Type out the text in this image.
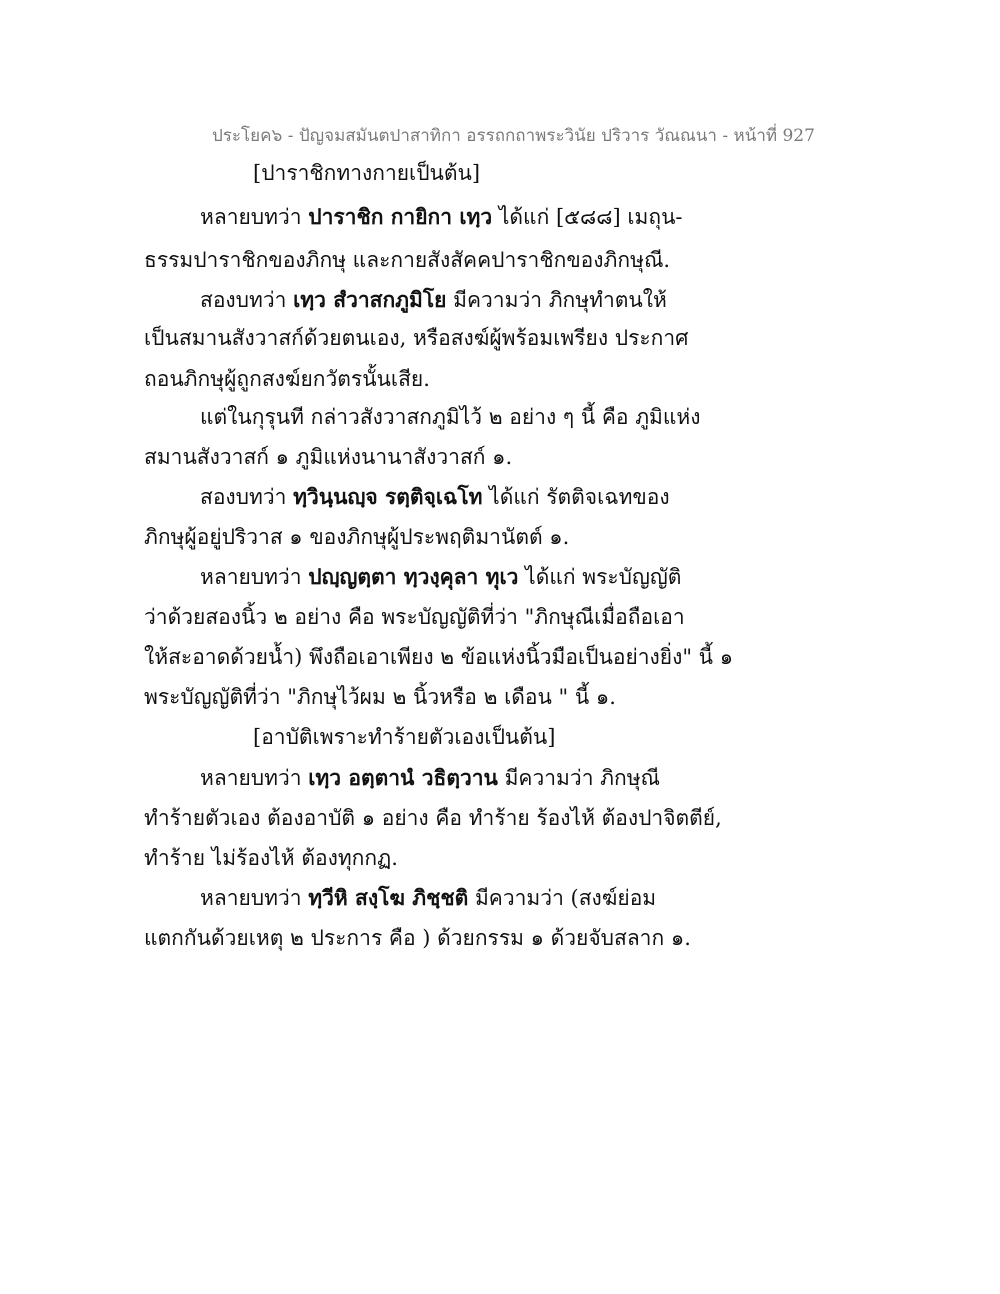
ประโยค๖ - ปัญจมสมันตปาสาทิกา อรรถกถาพระวินัย ปริวาร วัณณนา - หน้าที่ 927
[ปาราชิกทางกายเป็นต้น]
หลายบทว่า ปาราชิก กายิกา เทฺว ได้แก่ [๕๘๘] เมถุน-
ธรรมปาราชิกของภิกษุ และกายสังสัคคปาราชิกของภิกษุณี.
สองบทว่า เทฺว สํวาสกภูมิโย มีความว่า ภิกษุทำตนให้
เป็นสมานสังวาสก์ด้วยตนเอง, หรือสงฆ์ผู้พร้อมเพรียง ประกาศ
ถอนภิกษุผู้ถูกสงฆ์ยกวัตรนั้นเสีย.
แต่ในกุรุนที กล่าวสังวาสกภูมิไว้ ๒ อย่าง ๆ นี้ คือ ภูมิแห่ง
สมานสังวาสก์ ๑ ภูมิแห่งนานาสังวาสก์ ๑.
สองบทว่า ทฺวินฺนญฺจ รตฺติจฺเฉโท ได้แก่ รัตติจเฉทของ
ภิกษุผู้อยู่ปริวาส ๑ ของภิกษุผู้ประพฤติมานัตต์ ๑.
หลายบทว่า ปญฺญตฺตา ทฺวงฺคุลา ทุเว ได้แก่ พระบัญญัติ
ว่าด้วยสองนิ้ว ๒ อย่าง คือ พระบัญญัติที่ว่า "ภิกษุณีเมื่อถือเอา
ให้สะอาดด้วยน้ำ) พึงถือเอาเพียง ๒ ข้อแห่งนิ้วมือเป็นอย่างยิ่ง" นี้ ๑
พระบัญญัติที่ว่า "ภิกษุไว้ผม ๒ นิ้วหรือ ๒ เดือน " นี้ ๑.
[อาบัติเพราะทำร้ายตัวเองเป็นต้น]
หลายบทว่า เทฺว อตฺตานํ วธิตฺวาน มีความว่า ภิกษุณี
ทำร้ายตัวเอง ต้องอาบัติ ๑ อย่าง คือ ทำร้าย ร้องไห้ ต้องปาจิตตีย์,
ทำร้าย ไม่ร้องไห้ ต้องทุกกฏ.
หลายบทว่า ทฺวีหิ สงฺโฆ ภิชฺชติ มีความว่า (สงฆ์ย่อม
แตกกันด้วยเหตุ ๒ ประการ คือ ) ด้วยกรรม ๑ ด้วยจับสลาก ๑.
